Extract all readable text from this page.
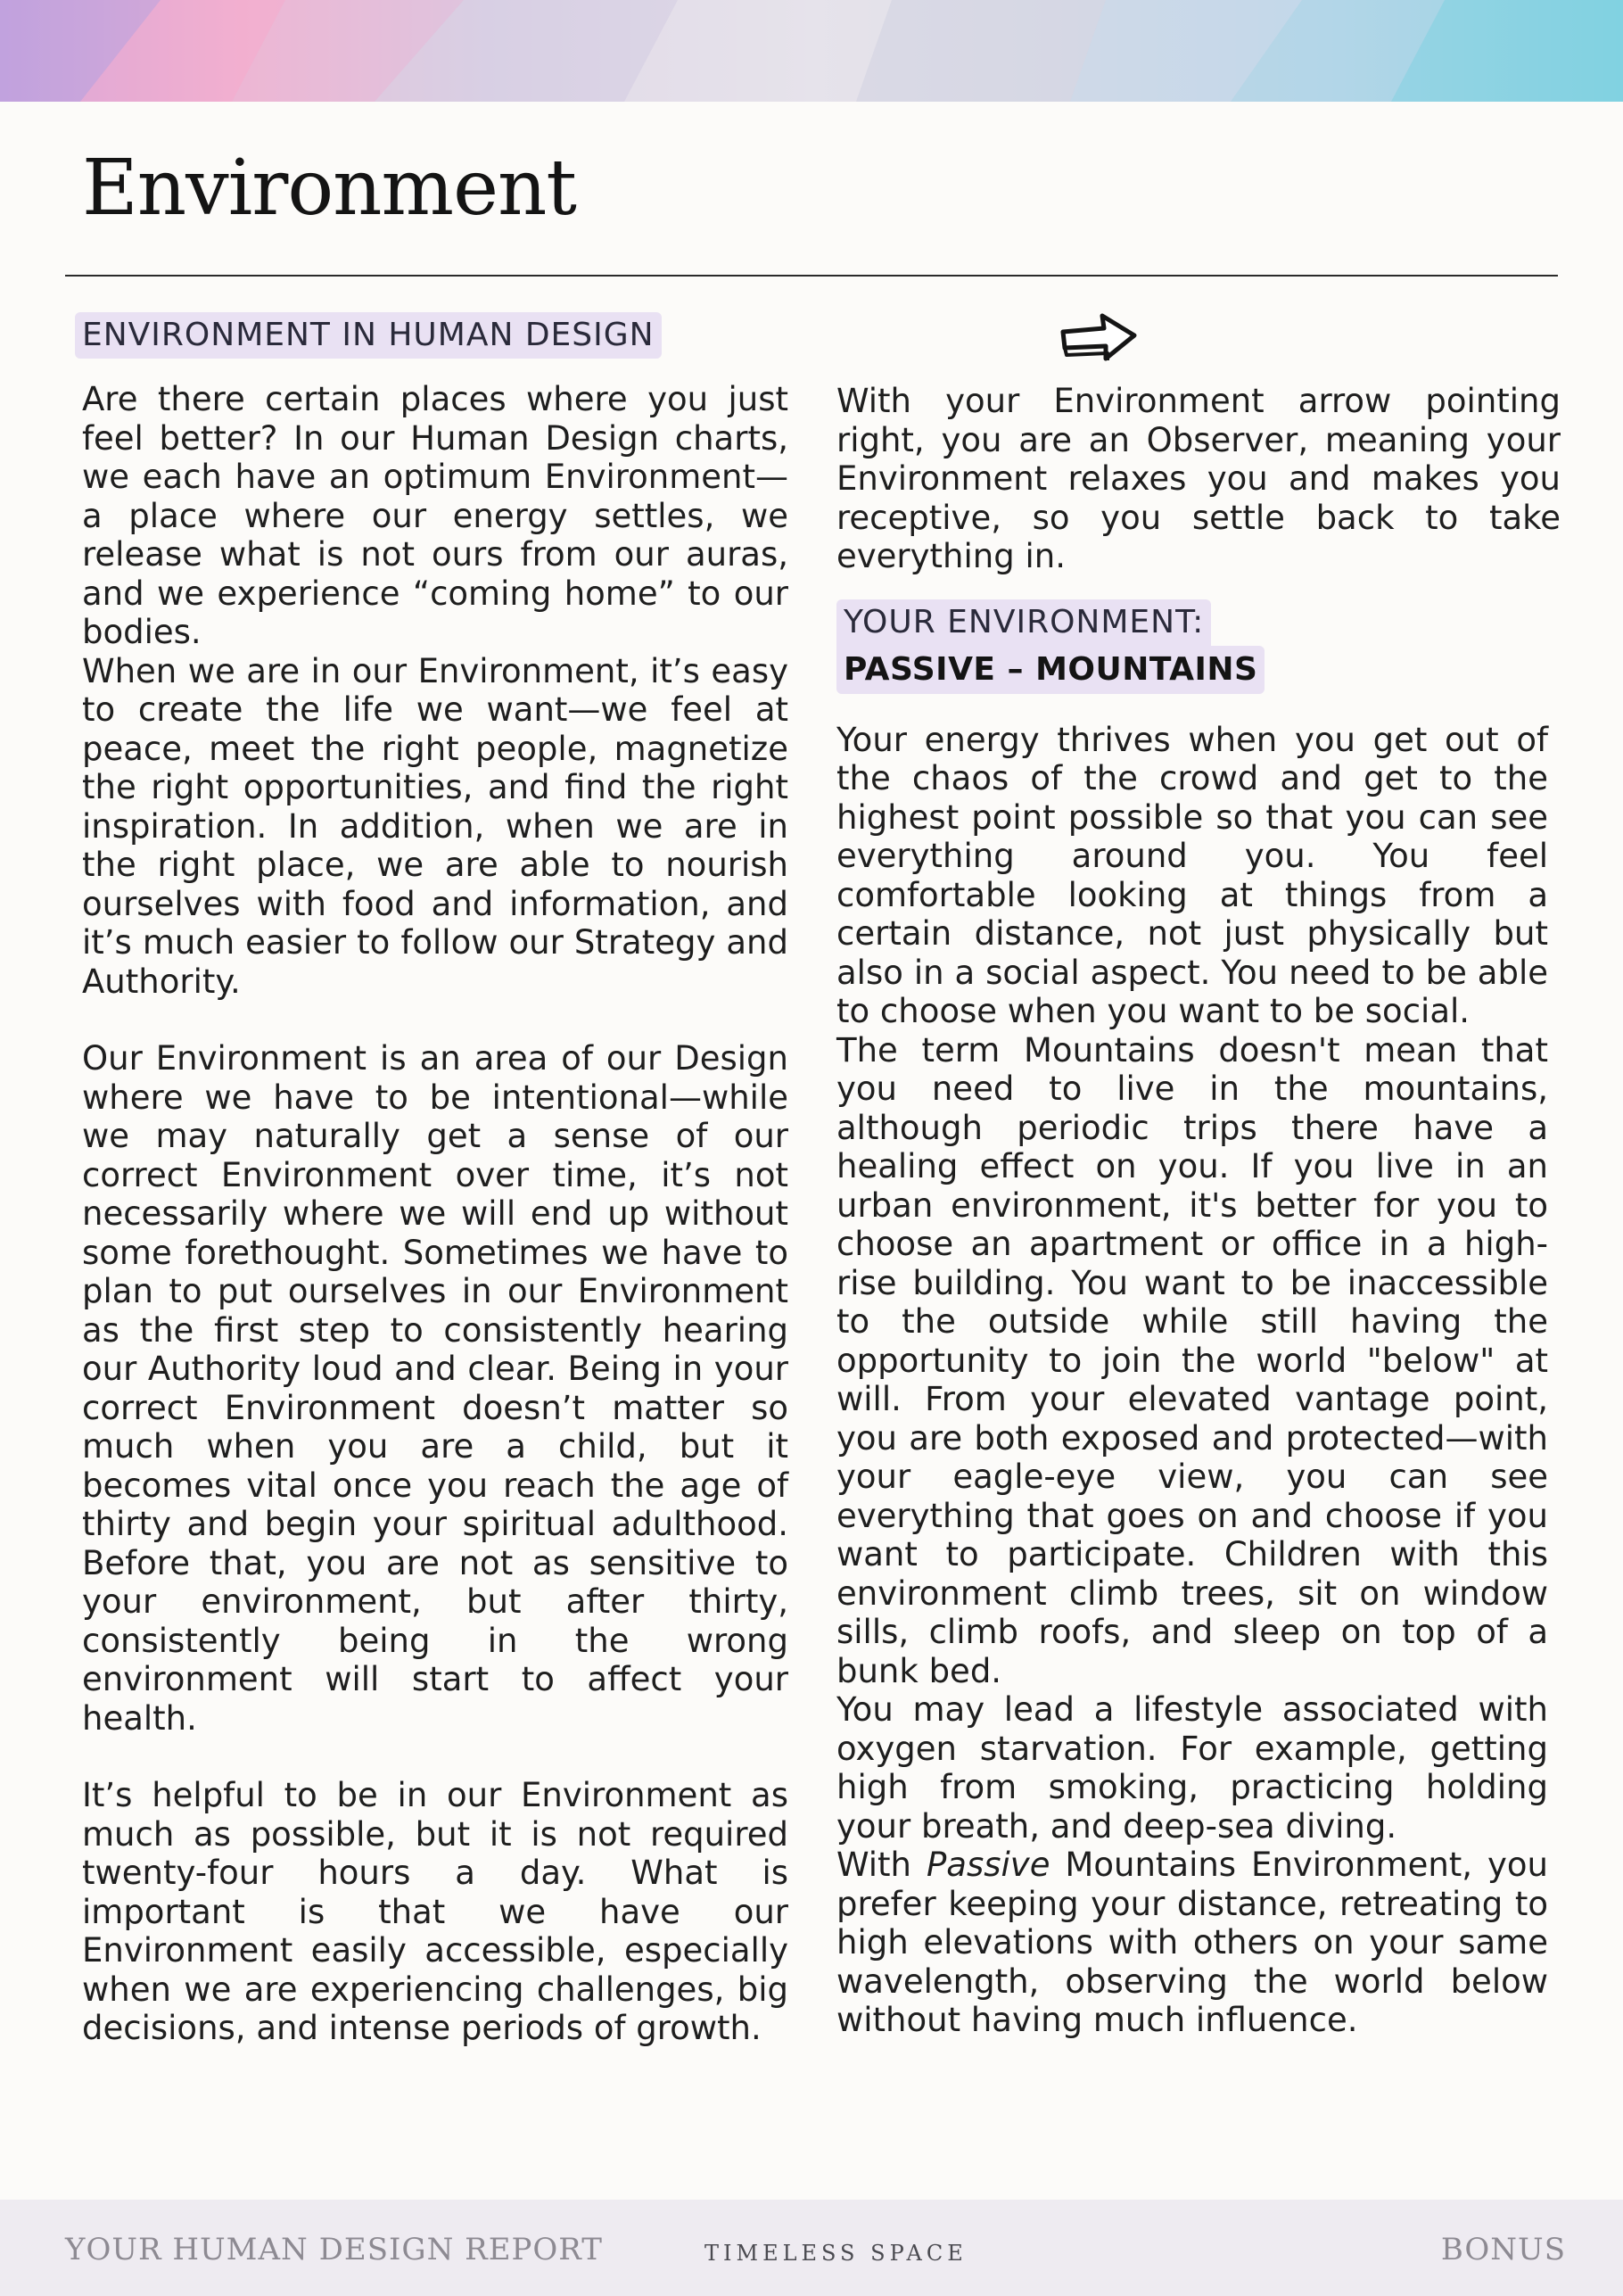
Environment
ENVIRONMENT IN HUMAN DESIGN

Are there certain places where you just feel better? In our Human Design charts, we each have an optimum Environment—a place where our energy settles, we release what is not ours from our auras, and we experience “coming home” to our bodies.

When we are in our Environment, it’s easy to create the life we want—we feel at peace, meet the right people, magnetize the right opportunities, and find the right inspiration. In addition, when we are in the right place, we are able to nourish ourselves with food and information, and it’s much easier to follow our Strategy and Authority.

Our Environment is an area of our Design where we have to be intentional—while we may naturally get a sense of our correct Environment over time, it’s not necessarily where we will end up without some forethought. Sometimes we have to plan to put ourselves in our Environment as the first step to consistently hearing our Authority loud and clear. Being in your correct Environment doesn’t matter so much when you are a child, but it becomes vital once you reach the age of thirty and begin your spiritual adulthood. Before that, you are not as sensitive to your environment, but after thirty, consistently being in the wrong environment will start to affect your health.

It’s helpful to be in our Environment as much as possible, but it is not required twenty-four hours a day. What is important is that we have our Environment easily accessible, especially when we are experiencing challenges, big decisions, and intense periods of growth.

With your Environment arrow pointing right, you are an Observer, meaning your Environment relaxes you and makes you receptive, so you settle back to take everything in.

YOUR ENVIRONMENT:
PASSIVE – MOUNTAINS

Your energy thrives when you get out of the chaos of the crowd and get to the highest point possible so that you can see everything around you. You feel comfortable looking at things from a certain distance, not just physically but also in a social aspect. You need to be able to choose when you want to be social.

The term Mountains doesn't mean that you need to live in the mountains, although periodic trips there have a healing effect on you. If you live in an urban environment, it's better for you to choose an apartment or office in a high-rise building. You want to be inaccessible to the outside while still having the opportunity to join the world "below" at will. From your elevated vantage point, you are both exposed and protected—with your eagle-eye view, you can see everything that goes on and choose if you want to participate. Children with this environment climb trees, sit on window sills, climb roofs, and sleep on top of a bunk bed.

You may lead a lifestyle associated with oxygen starvation. For example, getting high from smoking, practicing holding your breath, and deep-sea diving.

With Passive Mountains Environment, you prefer keeping your distance, retreating to high elevations with others on your same wavelength, observing the world below without having much influence.

YOUR HUMAN DESIGN REPORT	TIMELESS SPACE	BONUS
